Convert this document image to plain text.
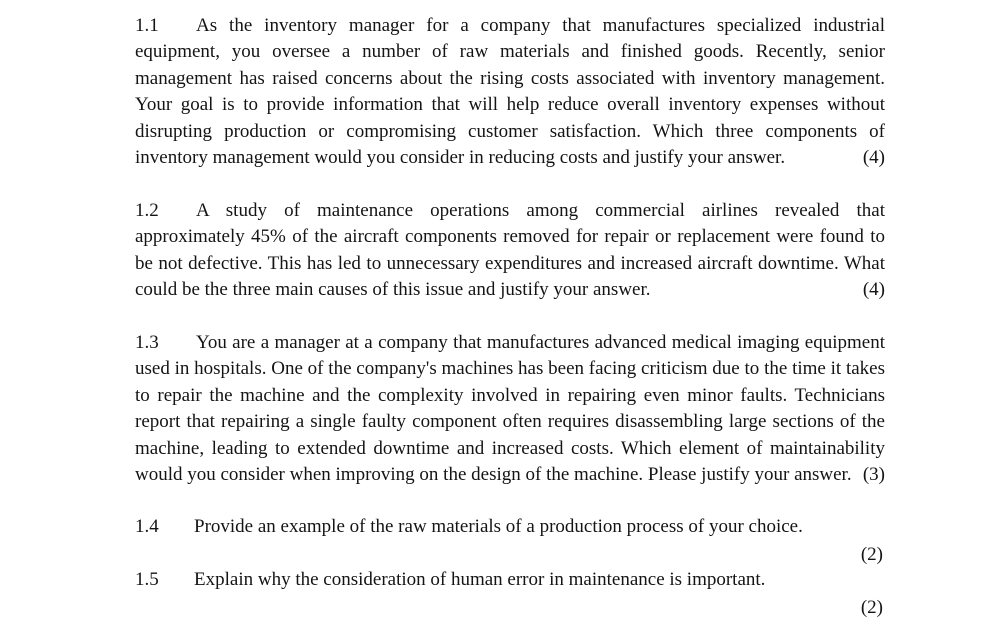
1.1 As the inventory manager for a company that manufactures specialized industrial equipment, you oversee a number of raw materials and finished goods. Recently, senior management has raised concerns about the rising costs associated with inventory management. Your goal is to provide information that will help reduce overall inventory expenses without disrupting production or compromising customer satisfaction. Which three components of inventory management would you consider in reducing costs and justify your answer.	(4)

1.2 A study of maintenance operations among commercial airlines revealed that approximately 45% of the aircraft components removed for repair or replacement were found to be not defective. This has led to unnecessary expenditures and increased aircraft downtime. What could be the three main causes of this issue and justify your answer.	(4)

1.3 You are a manager at a company that manufactures advanced medical imaging equipment used in hospitals. One of the company's machines has been facing criticism due to the time it takes to repair the machine and the complexity involved in repairing even minor faults. Technicians report that repairing a single faulty component often requires disassembling large sections of the machine, leading to extended downtime and increased costs. Which element of maintainability would you consider when improving on the design of the machine. Please justify your answer. (3)

1.4 Provide an example of the raw materials of a production process of your choice.
(2)
1.5 Explain why the consideration of human error in maintenance is important.
(2)
